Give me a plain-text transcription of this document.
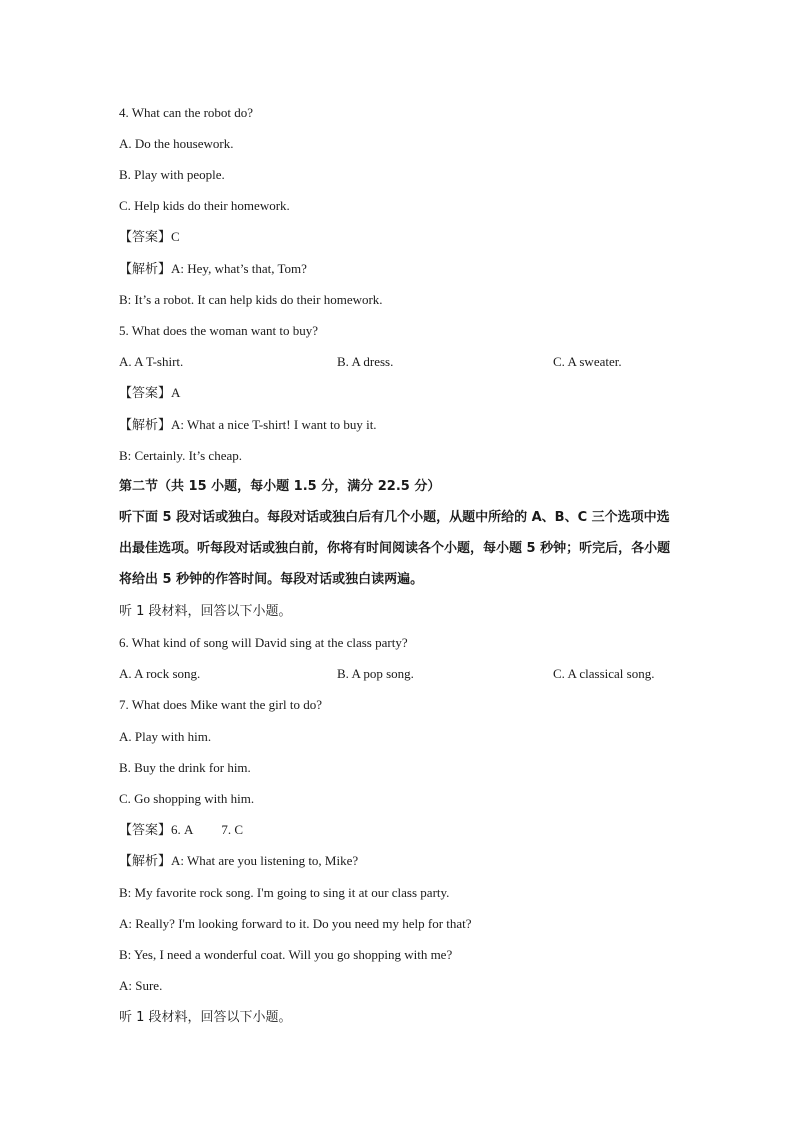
4. What can the robot do?
A. Do the housework.
B. Play with people.
C. Help kids do their homework.
【答案】C
【解析】A: Hey, what’s that, Tom?
B: It’s a robot. It can help kids do their homework.
5. What does the woman want to buy?
A. A T-shirt.	B. A dress.	C. A sweater.
【答案】A
【解析】A: What a nice T-shirt! I want to buy it.
B: Certainly. It’s cheap.
第二节（共 15 小题，每小题 1.5 分，满分 22.5 分）
听下面 5 段对话或独白。每段对话或独白后有几个小题，从题中所给的 A、B、C 三个选项中选出最佳选项。听每段对话或独白前，你将有时间阅读各个小题，每小题 5 秒钟；听完后，各小题将给出 5 秒钟的作答时间。每段对话或独白读两遍。
听 1 段材料，回答以下小题。
6. What kind of song will David sing at the class party?
A. A rock song.	B. A pop song.	C. A classical song.
7. What does Mike want the girl to do?
A. Play with him.
B. Buy the drink for him.
C. Go shopping with him.
【答案】6. A 7. C
【解析】A: What are you listening to, Mike?
B: My favorite rock song. I'm going to sing it at our class party.
A: Really? I'm looking forward to it. Do you need my help for that?
B: Yes, I need a wonderful coat. Will you go shopping with me?
A: Sure.
听 1 段材料，回答以下小题。
